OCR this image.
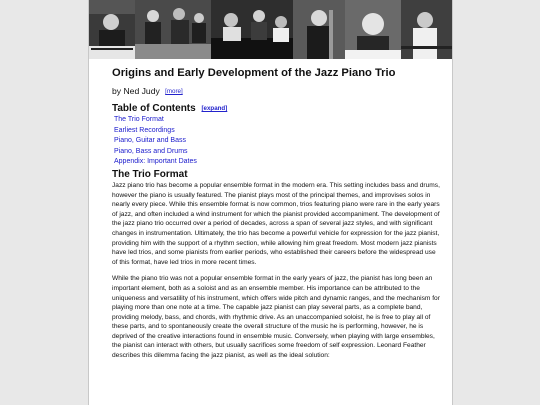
Origins and Early Development of the Jazz Piano Trio
by Ned Judy [more]
Table of Contents [expand]
The Trio Format
Earliest Recordings
Piano, Guitar and Bass
Piano, Bass and Drums
Appendix: Important Dates
The Trio Format

Jazz piano trio has become a popular ensemble format in the modern era. This setting includes bass and drums, however the piano is usually featured. The pianist plays most of the principal themes, and improvises solos in nearly every piece. While this ensemble format is now common, trios featuring piano were rare in the early years of jazz, and often included a wind instrument for which the pianist provided accompaniment. The development of the jazz piano trio occurred over a period of decades, across a span of several jazz styles, and with significant changes in instrumentation. Ultimately, the trio has become a powerful vehicle for expression for the jazz pianist, providing him with the support of a rhythm section, while allowing him great freedom. Most modern jazz pianists have led trios, and some pianists from earlier periods, who established their careers before the widespread use of this format, have led trios in more recent times.

While the piano trio was not a popular ensemble format in the early years of jazz, the pianist has long been an important element, both as a soloist and as an ensemble member. His importance can be attributed to the uniqueness and versatility of his instrument, which offers wide pitch and dynamic ranges, and the mechanism for playing more than one note at a time. The capable jazz pianist can play several parts, as a complete band, providing melody, bass, and chords, with rhythmic drive. As an unaccompanied soloist, he is free to play all of these parts, and to spontaneously create the overall structure of the music he is performing, however, he is deprived of the creative interactions found in ensemble music. Conversely, when playing with large ensembles, the pianist can interact with others, but usually sacrifices some freedom of self expression. Leonard Feather describes this dilemma facing the jazz pianist, as well as the ideal solution:
